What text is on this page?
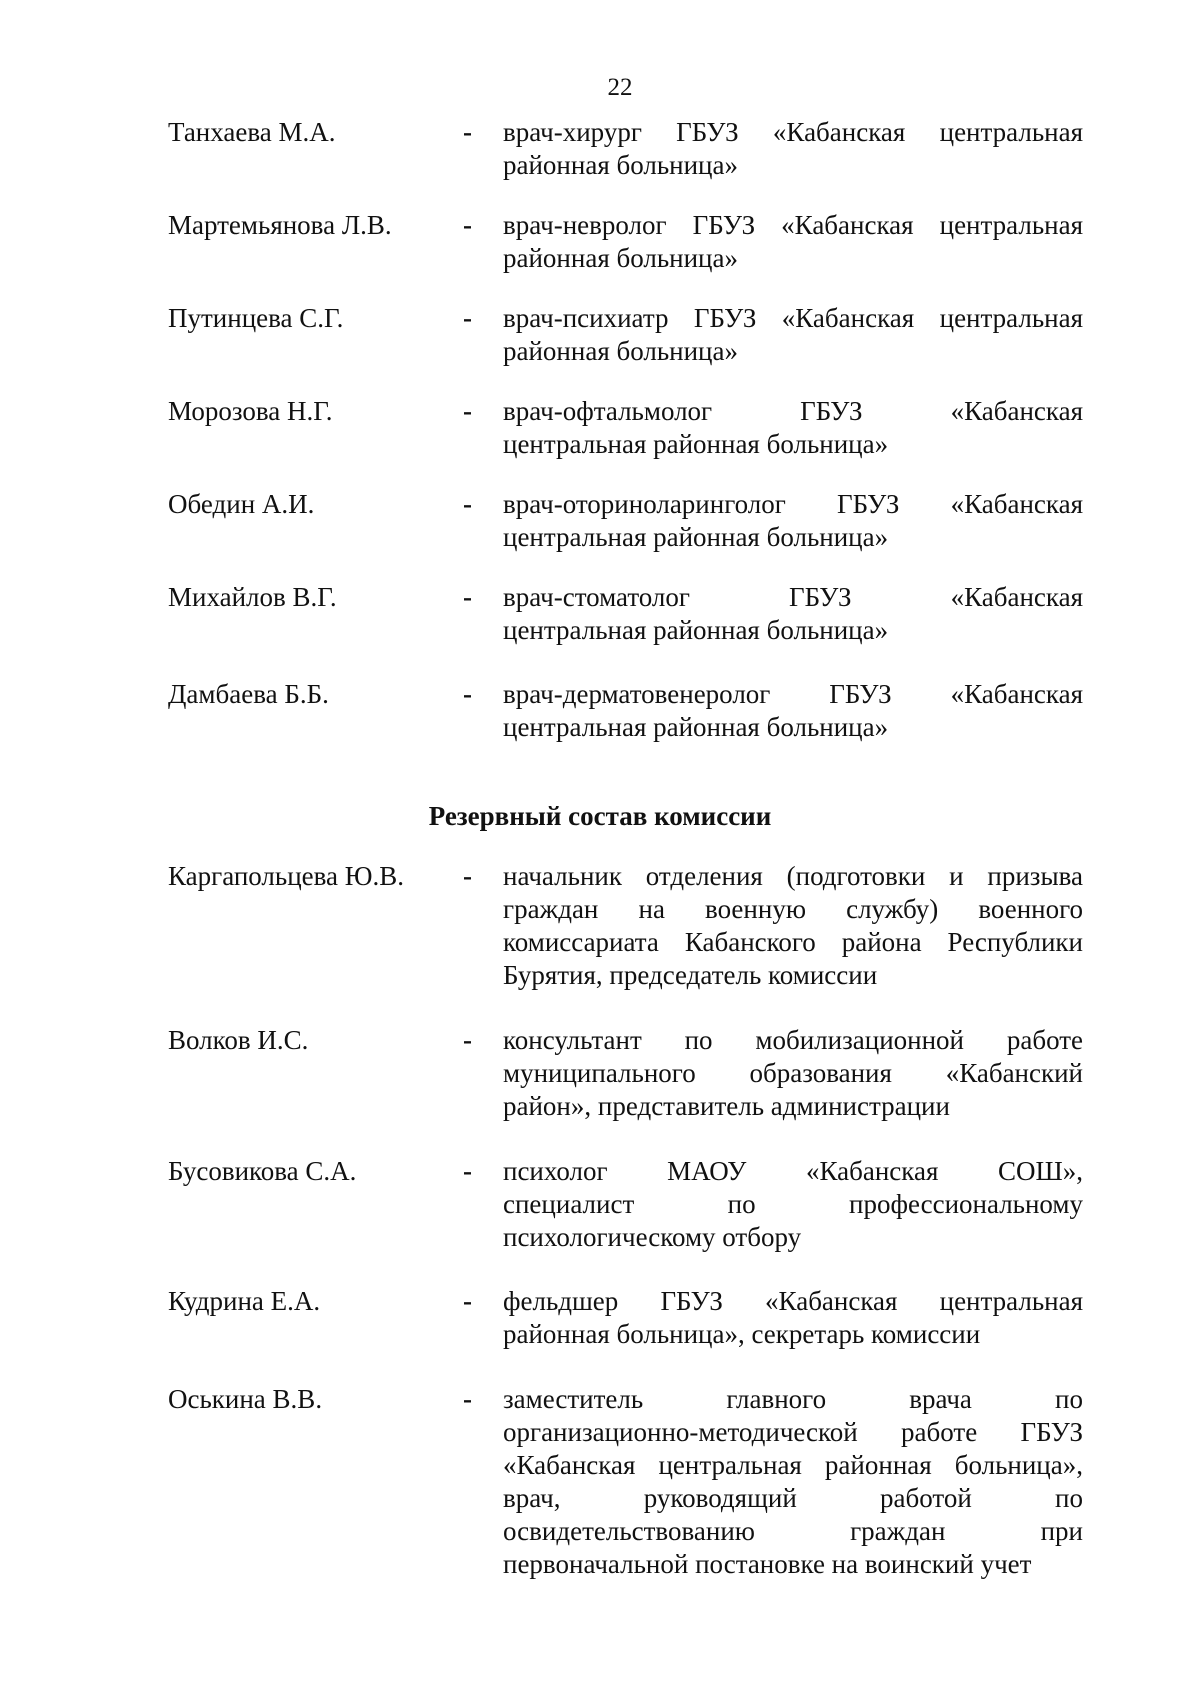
22
Танхаева М.А.	- врач-хирург ГБУЗ «Кабанская центральная
районная больница»
Мартемьянова Л.В.	- врач-невролог ГБУЗ «Кабанская центральная
районная больница»
Путинцева С.Г.	- врач-психиатр ГБУЗ «Кабанская центральная
районная больница»
Морозова Н.Г.	- врач-офтальмолог ГБУЗ «Кабанская
центральная районная больница»
Обедин А.И.	- врач-оториноларинголог ГБУЗ «Кабанская
центральная районная больница»
Михайлов В.Г.	- врач-стоматолог ГБУЗ «Кабанская
центральная районная больница»
Дамбаева Б.Б.	- врач-дерматовенеролог ГБУЗ «Кабанская
центральная районная больница»
Резервный состав комиссии
Каргапольцева Ю.В.	- начальник отделения (подготовки и призыва
граждан на военную службу) военного
комиссариата Кабанского района Республики
Бурятия, председатель комиссии
Волков И.С.	- консультант по мобилизационной работе
муниципального образования «Кабанский
район», представитель администрации
Бусовикова С.А.	- психолог МАОУ «Кабанская СОШ»,
специалист по профессиональному
психологическому отбору
Кудрина Е.А.	- фельдшер ГБУЗ «Кабанская центральная
районная больница», секретарь комиссии
Оськина В.В.	- заместитель главного врача по
организационно-методической работе ГБУЗ
«Кабанская центральная районная больница»,
врач, руководящий работой по
освидетельствованию граждан при
первоначальной постановке на воинский учет
